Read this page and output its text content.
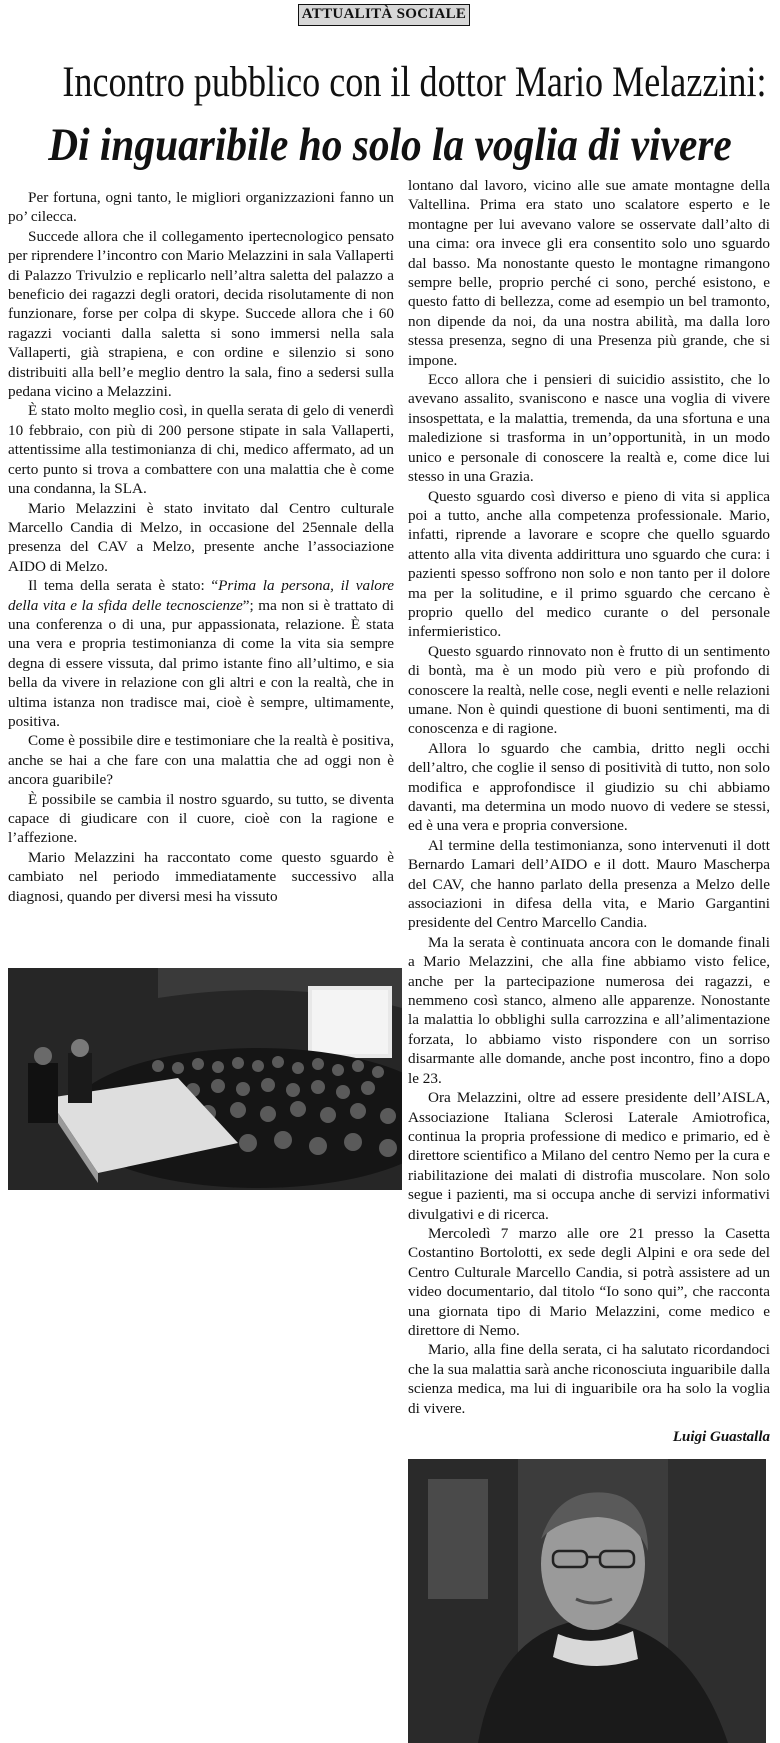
ATTUALITÀ SOCIALE
Incontro pubblico con il dottor Mario Melazzini:
Di inguaribile ho solo la voglia di vivere

Per fortuna, ogni tanto, le migliori organizzazioni fanno un po’ cilecca.

Succede allora che il collegamento ipertecnologico pensato per riprendere l’incontro con Mario Melazzini in sala Vallaperti di Palazzo Trivulzio e replicarlo nell’altra saletta del palazzo a beneficio dei ragazzi degli oratori, decida risolutamente di non funzionare, forse per colpa di skype. Succede allora che i 60 ragazzi vocianti dalla saletta si sono immersi nella sala Vallaperti, già strapiena, e con ordine e silenzio si sono distribuiti alla bell’e meglio dentro la sala, fino a sedersi sulla pedana vicino a Melazzini.

È stato molto meglio così, in quella serata di gelo di venerdì 10 febbraio, con più di 200 persone stipate in sala Vallaperti, attentissime alla testimonianza di chi, medico affermato, ad un certo punto si trova a combattere con una malattia che è come una condanna, la SLA.

Mario Melazzini è stato invitato dal Centro culturale Marcello Candia di Melzo, in occasione del 25ennale della presenza del CAV a Melzo, presente anche l’associazione AIDO di Melzo.

Il tema della serata è stato: “Prima la persona, il valore della vita e la sfida delle tecnoscienze”; ma non si è trattato di una conferenza o di una, pur appassionata, relazione. È stata una vera e propria testimonianza di come la vita sia sempre degna di essere vissuta, dal primo istante fino all’ultimo, e sia bella da vivere in relazione con gli altri e con la realtà, che in ultima istanza non tradisce mai, cioè è sempre, ultimamente, positiva.

Come è possibile dire e testimoniare che la realtà è positiva, anche se hai a che fare con una malattia che ad oggi non è ancora guaribile?

È possibile se cambia il nostro sguardo, su tutto, se diventa capace di giudicare con il cuore, cioè con la ragione e l’affezione.

Mario Melazzini ha raccontato come questo sguardo è cambiato nel periodo immediatamente successivo alla diagnosi, quando per diversi mesi ha vissuto

lontano dal lavoro, vicino alle sue amate montagne della Valtellina. Prima era stato uno scalatore esperto e le montagne per lui avevano valore se osservate dall’alto di una cima: ora invece gli era consentito solo uno sguardo dal basso. Ma nonostante questo le montagne rimangono sempre belle, proprio perché ci sono, perché esistono, e questo fatto di bellezza, come ad esempio un bel tramonto, non dipende da noi, da una nostra abilità, ma dalla loro stessa presenza, segno di una Presenza più grande, che si impone.

Ecco allora che i pensieri di suicidio assistito, che lo avevano assalito, svaniscono e nasce una voglia di vivere insospettata, e la malattia, tremenda, da una sfortuna e una maledizione si trasforma in un’opportunità, in un modo unico e personale di conoscere la realtà e, come dice lui stesso in una Grazia.

Questo sguardo così diverso e pieno di vita si applica poi a tutto, anche alla competenza professionale. Mario, infatti, riprende a lavorare e scopre che quello sguardo attento alla vita diventa addirittura uno sguardo che cura: i pazienti spesso soffrono non solo e non tanto per il dolore ma per la solitudine, e il primo sguardo che cercano è proprio quello del medico curante o del personale infermieristico.

Questo sguardo rinnovato non è frutto di un sentimento di bontà, ma è un modo più vero e più profondo di conoscere la realtà, nelle cose, negli eventi e nelle relazioni umane. Non è quindi questione di buoni sentimenti, ma di conoscenza e di ragione.

Allora lo sguardo che cambia, dritto negli occhi dell’altro, che coglie il senso di positività di tutto, non solo modifica e approfondisce il giudizio su chi abbiamo davanti, ma determina un modo nuovo di vedere se stessi, ed è una vera e propria conversione.

Al termine della testimonianza, sono intervenuti il dott Bernardo Lamari dell’AIDO e il dott. Mauro Mascherpa del CAV, che hanno parlato della presenza a Melzo delle associazioni in difesa della vita, e Mario Gargantini presidente del Centro Marcello Candia.

Ma la serata è continuata ancora con le domande finali a Mario Melazzini, che alla fine abbiamo visto felice, anche per la partecipazione numerosa dei ragazzi, e nemmeno così stanco, almeno alle apparenze. Nonostante la malattia lo obblighi sulla carrozzina e all’alimentazione forzata, lo abbiamo visto rispondere con un sorriso disarmante alle domande, anche post incontro, fino a dopo le 23.

Ora Melazzini, oltre ad essere presidente dell’AISLA, Associazione Italiana Sclerosi Laterale Amiotrofica, continua la propria professione di medico e primario, ed è direttore scientifico a Milano del centro Nemo per la cura e riabilitazione dei malati di distrofia muscolare. Non solo segue i pazienti, ma si occupa anche di servizi informativi divulgativi e di ricerca.

Mercoledì 7 marzo alle ore 21 presso la Casetta Costantino Bortolotti, ex sede degli Alpini e ora sede del Centro Culturale Marcello Candia, si potrà assistere ad un video documentario, dal titolo “Io sono qui”, che racconta una giornata tipo di Mario Melazzini, come medico e direttore di Nemo.

Mario, alla fine della serata, ci ha salutato ricordandoci che la sua malattia sarà anche riconosciuta inguaribile dalla scienza medica, ma lui di inguaribile ora ha solo la voglia di vivere.

Luigi Guastalla
